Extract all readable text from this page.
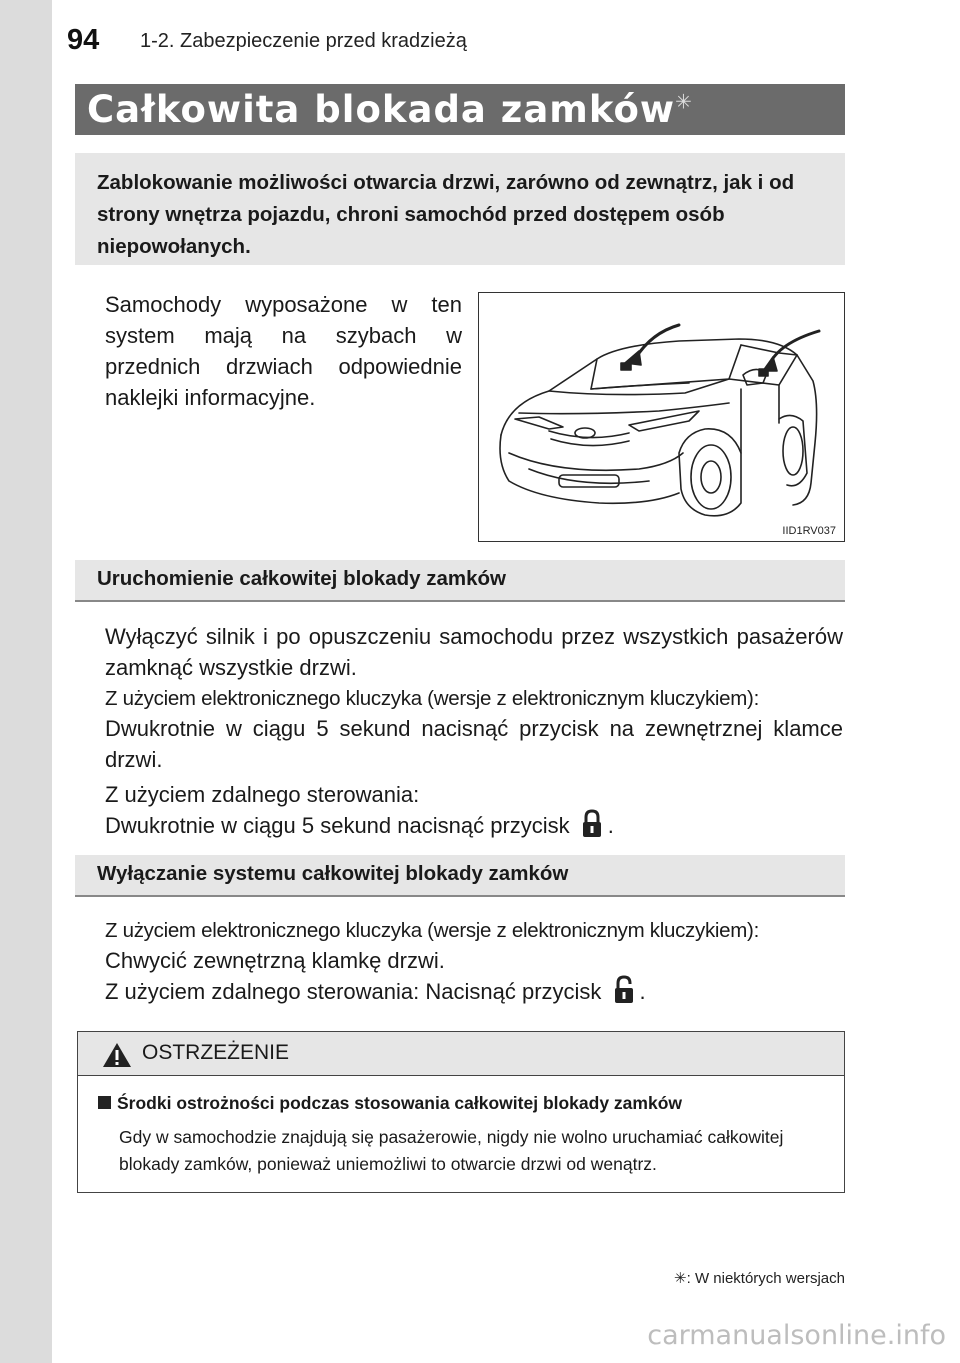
94 1-2. Zabezpieczenie przed kradzieżą
Całkowita blokada zamków✳
Zablokowanie możliwości otwarcia drzwi, zarówno od zewnątrz, jak i od strony wnętrza pojazdu, chroni samochód przed dostępem osób niepowołanych.
Samochody wyposażone w ten system mają na szybach w przednich drzwiach odpowiednie naklejki informacyjne.
IID1RV037
Uruchomienie całkowitej blokady zamków
Wyłączyć silnik i po opuszczeniu samochodu przez wszystkich pasażerów zamknąć wszystkie drzwi.
Z użyciem elektronicznego kluczyka (wersje z elektronicznym kluczykiem):
Dwukrotnie w ciągu 5 sekund nacisnąć przycisk na zewnętrznej klamce drzwi.
Z użyciem zdalnego sterowania:
Dwukrotnie w ciągu 5 sekund nacisnąć przycisk .
Wyłączanie systemu całkowitej blokady zamków
Z użyciem elektronicznego kluczyka (wersje z elektronicznym kluczykiem):
Chwycić zewnętrzną klamkę drzwi.
Z użyciem zdalnego sterowania: Nacisnąć przycisk .
OSTRZEŻENIE
Środki ostrożności podczas stosowania całkowitej blokady zamków
Gdy w samochodzie znajdują się pasażerowie, nigdy nie wolno uruchamiać całkowitej blokady zamków, ponieważ uniemożliwi to otwarcie drzwi od wenątrz.
✳: W niektórych wersjach
carmanualsonline.info
